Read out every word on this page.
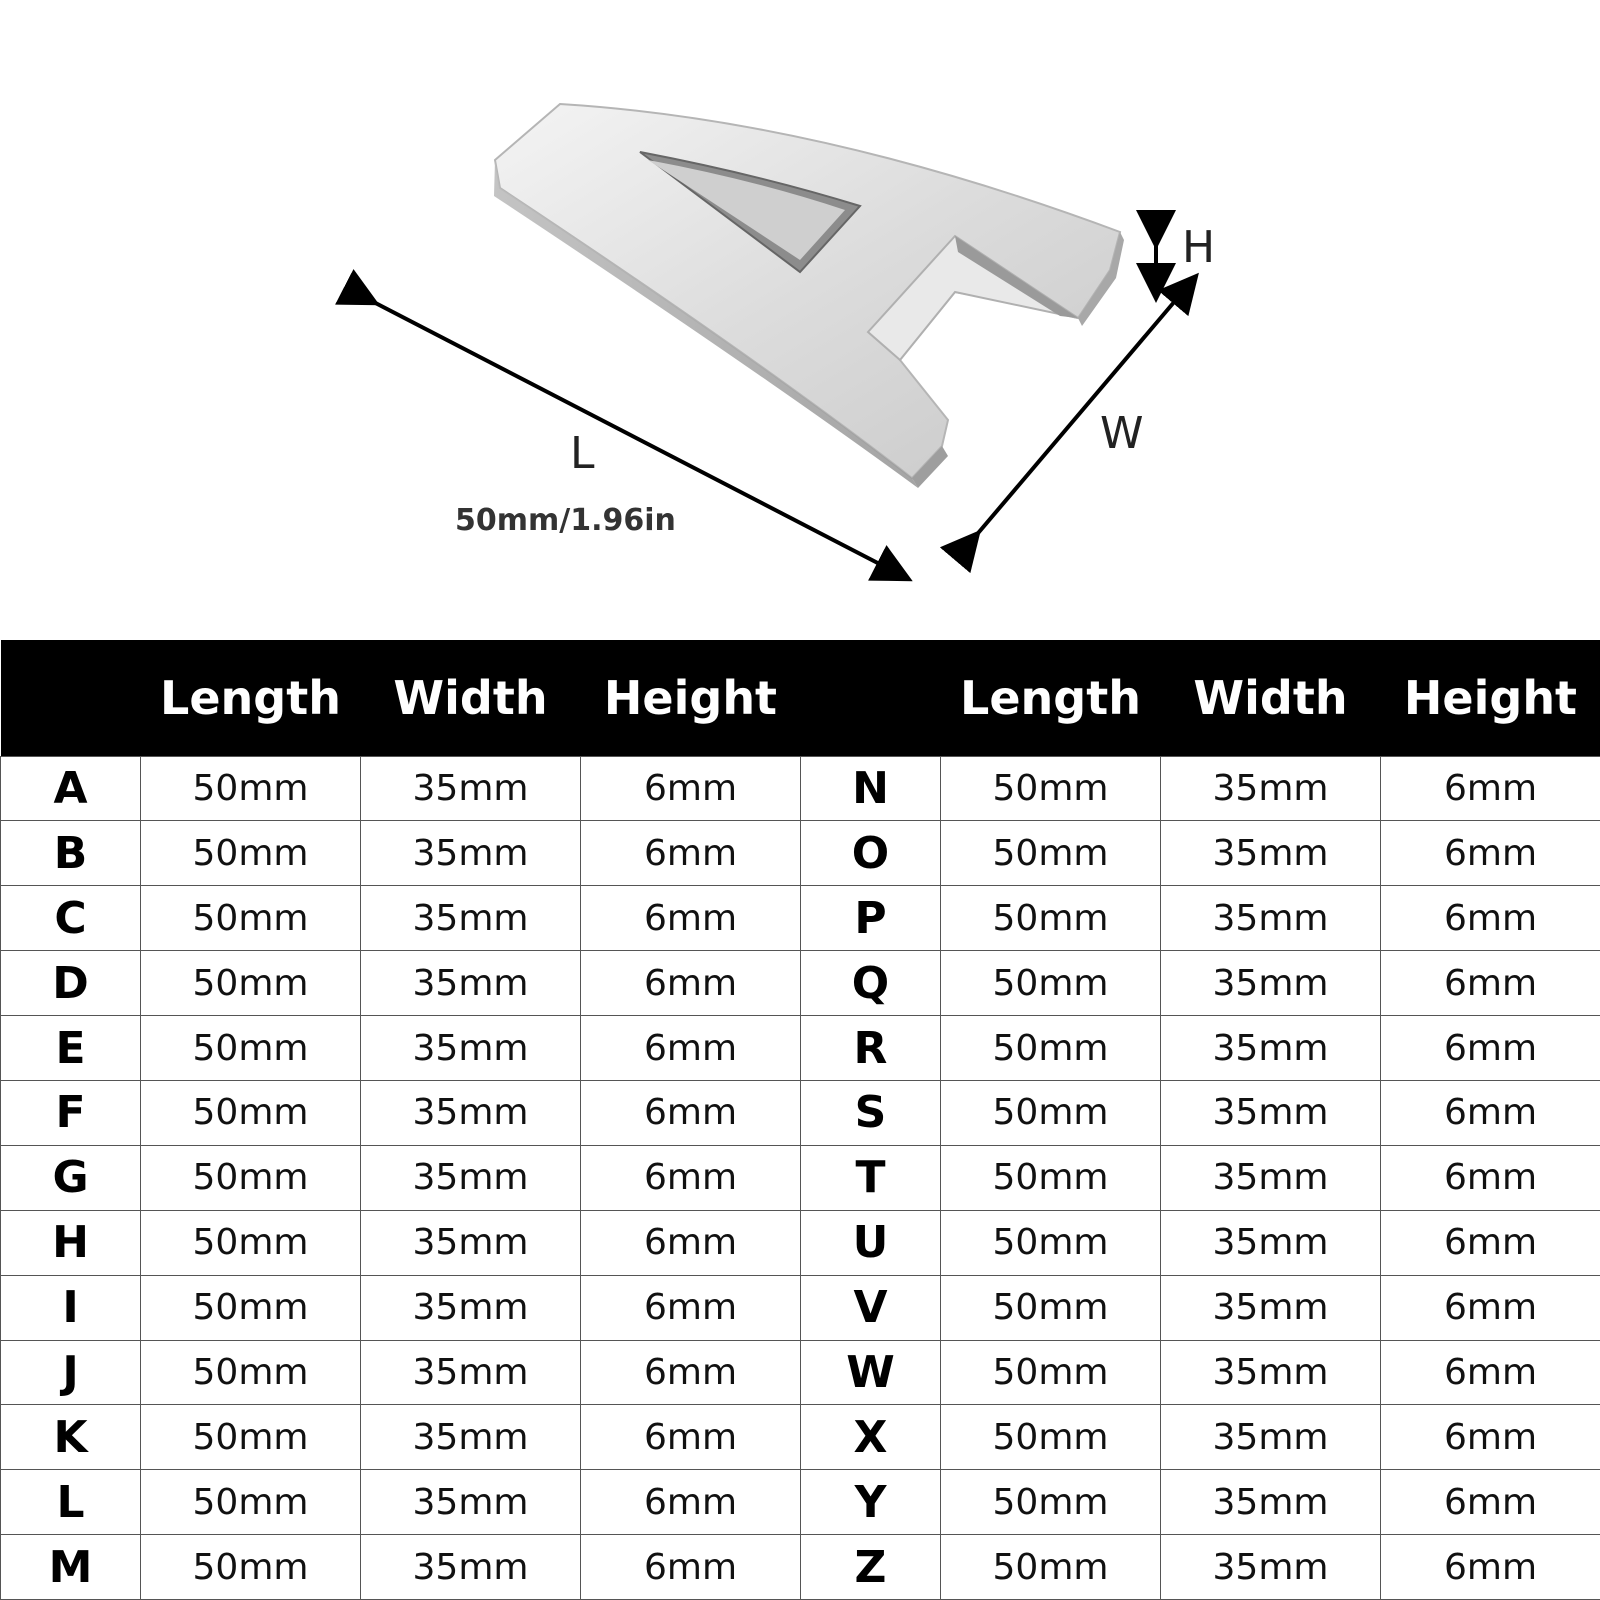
L	W
H
50mm/1.96in
	Length	Width	Height		Length	Width	Height
A	50mm	35mm	6mm	N	50mm	35mm	6mm
B	50mm	35mm	6mm	O	50mm	35mm	6mm
C	50mm	35mm	6mm	P	50mm	35mm	6mm
D	50mm	35mm	6mm	Q	50mm	35mm	6mm
E	50mm	35mm	6mm	R	50mm	35mm	6mm
F	50mm	35mm	6mm	S	50mm	35mm	6mm
G	50mm	35mm	6mm	T	50mm	35mm	6mm
H	50mm	35mm	6mm	U	50mm	35mm	6mm
I	50mm	35mm	6mm	V	50mm	35mm	6mm
J	50mm	35mm	6mm	W	50mm	35mm	6mm
K	50mm	35mm	6mm	X	50mm	35mm	6mm
L	50mm	35mm	6mm	Y	50mm	35mm	6mm
M	50mm	35mm	6mm	Z	50mm	35mm	6mm
